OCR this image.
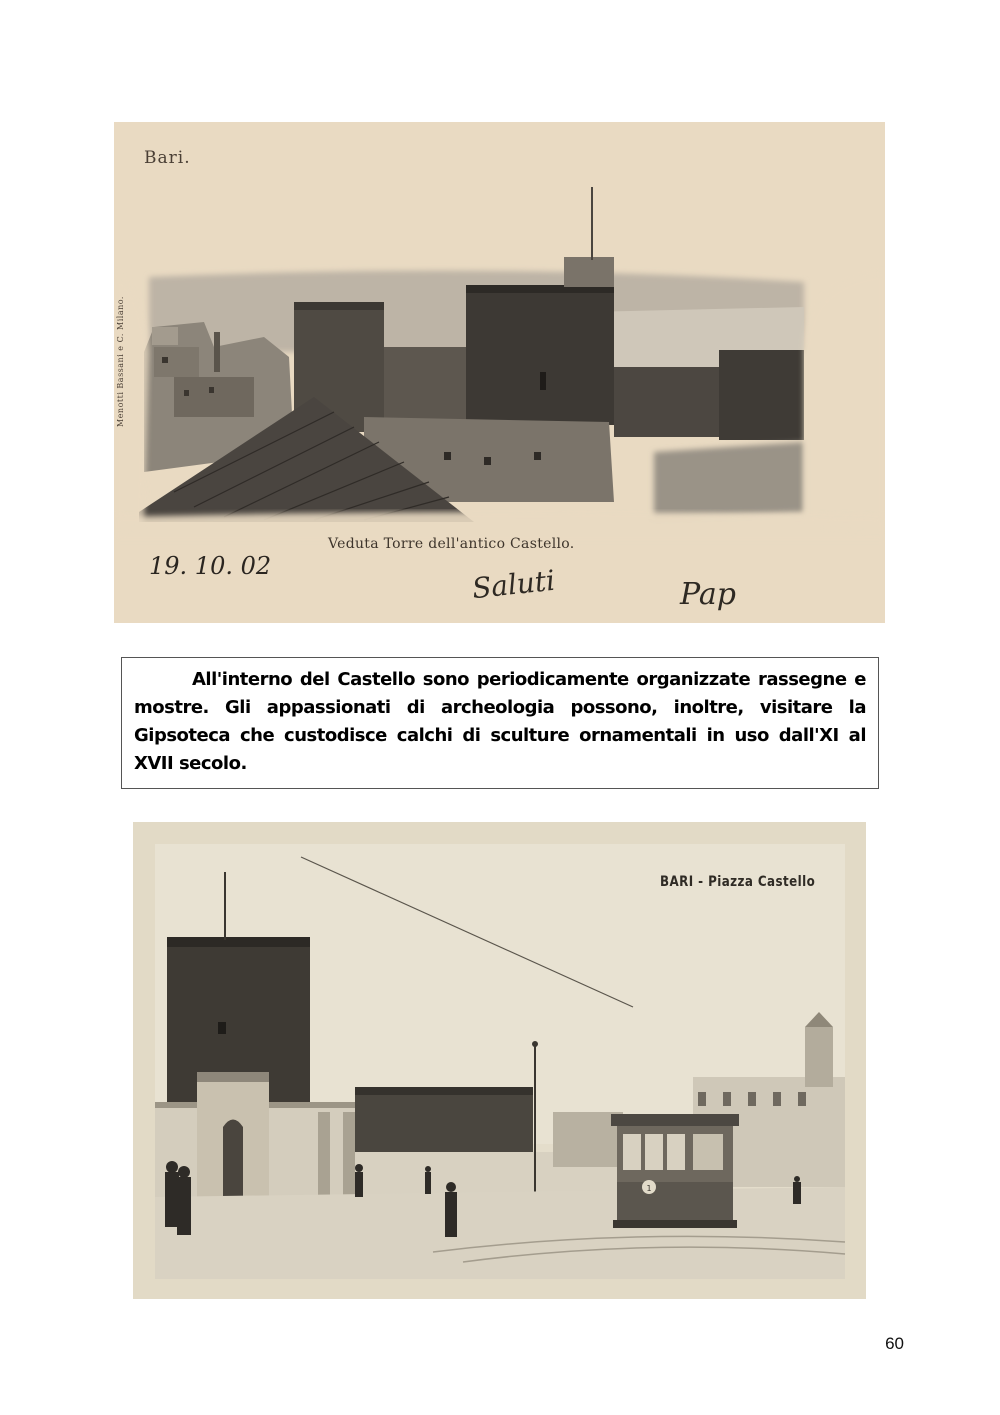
Bari.
Menotti Bassani e C. Milano.
Veduta Torre dell'antico Castello.
19. 10. 02	Saluti	Pap

All'interno del Castello sono periodicamente organizzate rassegne e mostre. Gli appassionati di archeologia possono, inoltre, visitare la Gipsoteca che custodisce calchi di sculture ornamentali in uso dall'XI al XVII secolo.

1
BARI - Piazza Castello
60
